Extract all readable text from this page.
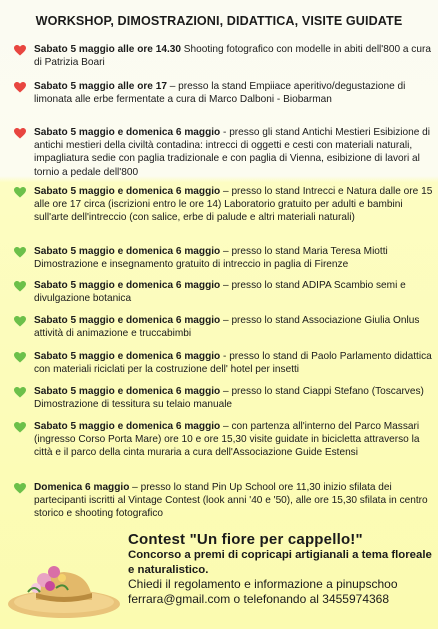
WORKSHOP, DIMOSTRAZIONI, DIDATTICA, VISITE GUIDATE
Sabato 5 maggio alle ore 14.30 Shooting fotografico con modelle in abiti dell'800 a cura di Patrizia Boari
Sabato 5 maggio alle ore 17 – presso la stand Empiiace aperitivo/degustazione di limonata alle erbe fermentate a cura di Marco Dalboni - Biobarman
Sabato 5 maggio e domenica 6 maggio - presso gli stand Antichi Mestieri Esibizione di antichi mestieri della civiltà contadina: intrecci di oggetti e cesti con materiali naturali, impagliatura sedie con paglia tradizionale e con paglia di Vienna, esibizione di lavori al tornio a pedale dell'800
Sabato 5 maggio e domenica 6 maggio – presso lo stand Intrecci e Natura dalle ore 15 alle ore 17 circa (iscrizioni entro le ore 14) Laboratorio gratuito per adulti e bambini sull'arte dell'intreccio (con salice, erbe di palude e altri materiali naturali)
Sabato 5 maggio e domenica 6 maggio – presso lo stand Maria Teresa Miotti Dimostrazione e insegnamento gratuito di intreccio in paglia di Firenze
Sabato 5 maggio e domenica 6 maggio – presso lo stand ADIPA Scambio semi e divulgazione botanica
Sabato 5 maggio e domenica 6 maggio – presso lo stand Associazione Giulia Onlus attività di animazione e truccabimbi
Sabato 5 maggio e domenica 6 maggio - presso lo stand di Paolo Parlamento didattica con materiali riciclati per la costruzione dell' hotel per insetti
Sabato 5 maggio e domenica 6 maggio – presso lo stand Ciappi Stefano (Toscarves) Dimostrazione di tessitura su telaio manuale
Sabato 5 maggio e domenica 6 maggio – con partenza all'interno del Parco Massari (ingresso Corso Porta Mare) ore 10 e ore 15,30 visite guidate in bicicletta attraverso la città e il parco della cinta muraria a cura dell'Associazione Guide Estensi
Domenica 6 maggio – presso lo stand Pin Up School ore 11,30 inizio sfilata dei partecipanti iscritti al Vintage Contest (look anni '40 e '50), alle ore 15,30 sfilata in centro storico e shooting fotografico
Contest "Un fiore per cappello!"
Concorso a premi di copricapi artigianali a tema floreale e naturalistico.
Chiedi il regolamento e informazione a pinupschoo ferrara@gmail.com o telefonando al 3455974368
